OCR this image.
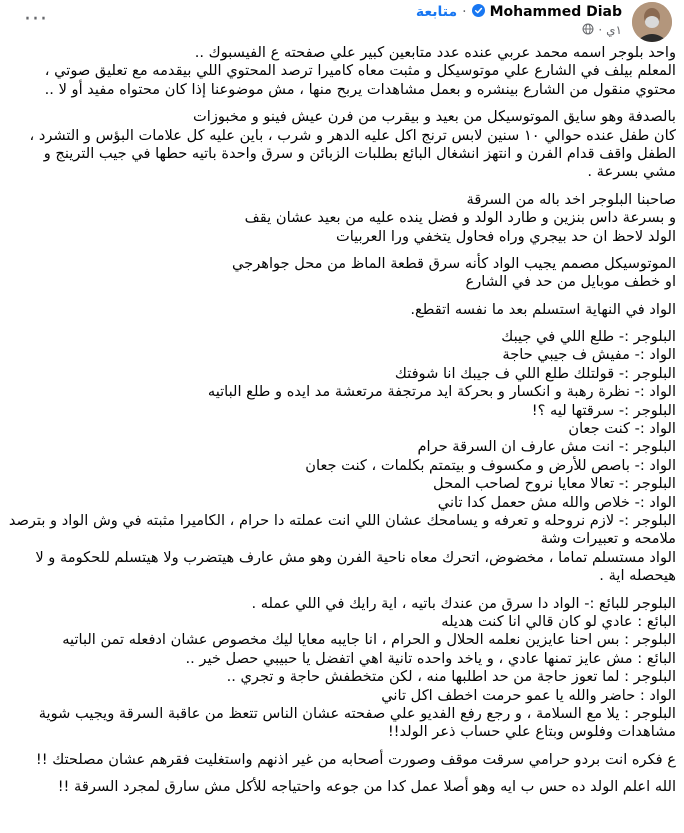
···	Mohammed Diab
·
متابعة
١ي
·
واحد بلوجر اسمه محمد عربي عنده عدد متابعين كبير علي صفحته ع الفيسبوك ..
المعلم بيلف في الشارع علي موتوسيكل و مثبت معاه كاميرا ترصد المحتوي اللي بيقدمه مع تعليق صوتي ،
محتوي منقول من الشارع بينشره و بعمل مشاهدات يربح منها ، مش موضوعنا إذا كان محتواه مفيد أو لا ..
بالصدفة وهو سايق الموتوسيكل من بعيد و بيقرب من فرن عيش فينو و مخبوزات
كان طفل عنده حوالي ١٠ سنين لابس ترنج اكل عليه الدهر و شرب ، باين عليه كل علامات البؤس و التشرد ،
الطفل واقف قدام الفرن و انتهز انشغال البائع بطلبات الزبائن و سرق واحدة باتيه حطها في جيب الترينج و
مشي بسرعة .
صاحبنا البلوجر اخد باله من السرقة
و بسرعة داس بنزين و طارد الولد و فضل ينده عليه من بعيد عشان يقف
الولد لاحظ ان حد بيجري وراه فحاول يتخفي ورا العربيات
الموتوسيكل مصمم يجيب الواد كأنه سرق قطعة الماظ من محل جواهرجي
او خطف موبايل من حد في الشارع
الواد في النهاية استسلم بعد ما نفسه اتقطع.
البلوجر :- طلع اللي في جيبك
الواد :- مفيش ف جيبي حاجة
البلوجر :- قولتلك طلع اللي ف جيبك انا شوفتك
الواد :- نظرة رهبة و انكسار و بحركة ايد مرتجفة مرتعشة مد ايده و طلع الباتيه
البلوجر :- سرقتها ليه ؟!
الواد :- كنت جعان
البلوجر :- انت مش عارف ان السرقة حرام
الواد :- باصص للأرض و مكسوف و بيتمتم بكلمات ، كنت جعان
البلوجر :- تعالا معايا نروح لصاحب المحل
الواد :- خلاص والله مش حعمل كدا تاني
البلوجر :- لازم نروحله و تعرفه و يسامحك عشان اللي انت عملته دا حرام ، الكاميرا مثبته في وش الواد و بترصد
ملامحه و تعبيرات وشة
الواد مستسلم تماما ، مخضوض، اتحرك معاه ناحية الفرن وهو مش عارف هيتضرب ولا هيتسلم للحكومة و لا
هيحصله اية .
البلوجر للبائع :- الواد دا سرق من عندك باتيه ، اية رايك في اللي عمله .
البائع : عادي لو كان قالي انا كنت هديله
البلوجر : بس احنا عايزين نعلمه الحلال و الحرام ، انا جايبه معايا ليك مخصوص عشان ادفعله تمن الباتيه
البائع : مش عايز تمنها عادي ، و ياخد واحده تانية اهي اتفضل يا حبيبي حصل خير ..
البلوجر : لما تعوز حاجة من حد اطلبها منه ، لكن متخطفش حاجة و تجري ..
الواد : حاضر والله يا عمو حرمت اخطف اكل تاني
البلوجر : يلا مع السلامة ، و رجع رفع الفديو علي صفحته عشان الناس تتعظ من عاقبة السرقة ويجيب شوية
مشاهدات وفلوس وبتاع علي حساب ذعر الولد!!
ع فكره انت بردو حرامي سرقت موقف وصورت أصحابه من غير اذنهم واستغليت فقرهم عشان مصلحتك !!
الله اعلم الولد ده حس ب ايه وهو أصلا عمل كدا من جوعه واحتياجه للأكل مش سارق لمجرد السرقة !!
